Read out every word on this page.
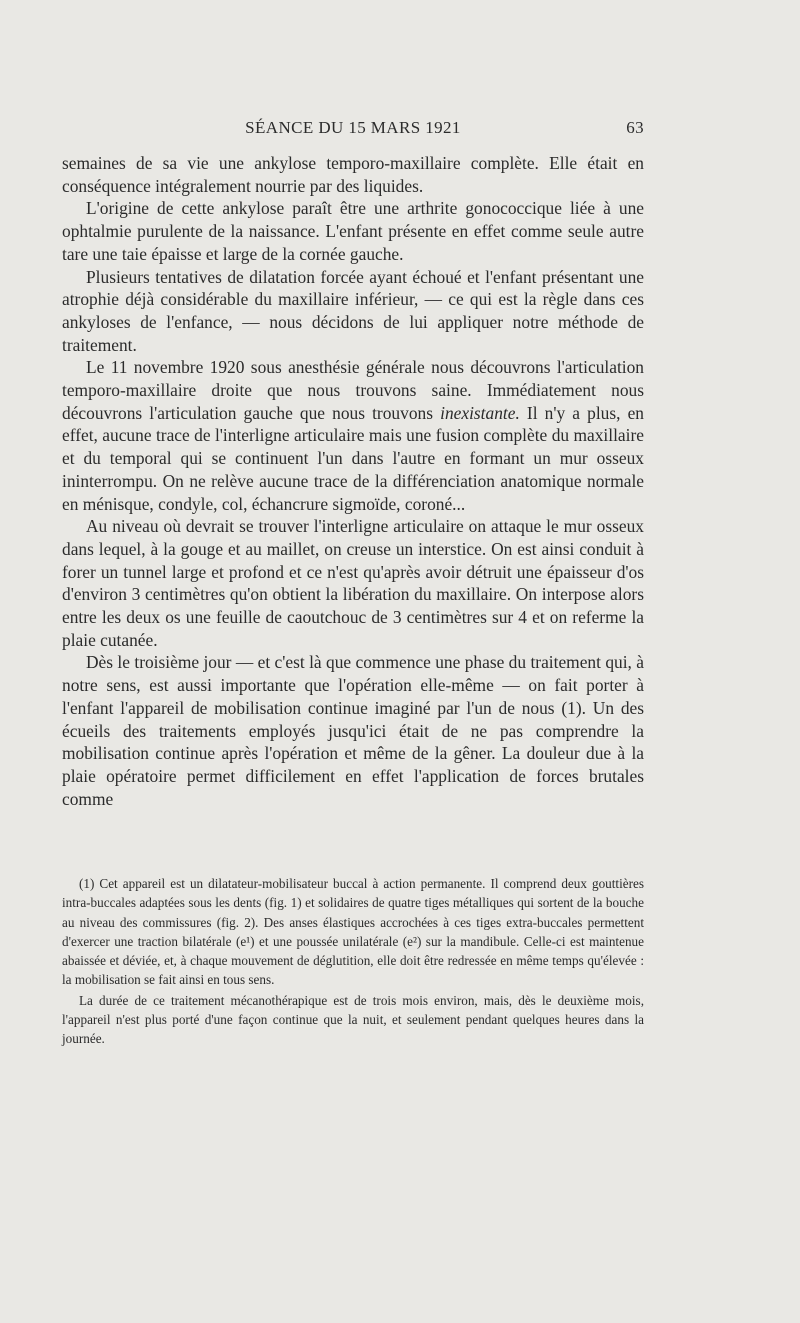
SÉANCE DU 15 MARS 1921	63

semaines de sa vie une ankylose temporo-maxillaire complète. Elle était en conséquence intégralement nourrie par des liquides.

L'origine de cette ankylose paraît être une arthrite gonococcique liée à une ophtalmie purulente de la naissance. L'enfant présente en effet comme seule autre tare une taie épaisse et large de la cornée gauche.

Plusieurs tentatives de dilatation forcée ayant échoué et l'enfant présentant une atrophie déjà considérable du maxillaire inférieur, — ce qui est la règle dans ces ankyloses de l'enfance, — nous décidons de lui appliquer notre méthode de traitement.

Le 11 novembre 1920 sous anesthésie générale nous découvrons l'articulation temporo-maxillaire droite que nous trouvons saine. Immédiatement nous découvrons l'articulation gauche que nous trouvons inexistante. Il n'y a plus, en effet, aucune trace de l'interligne articulaire mais une fusion complète du maxillaire et du temporal qui se continuent l'un dans l'autre en formant un mur osseux ininterrompu. On ne relève aucune trace de la différenciation anatomique normale en ménisque, condyle, col, échancrure sigmoïde, coroné...

Au niveau où devrait se trouver l'interligne articulaire on attaque le mur osseux dans lequel, à la gouge et au maillet, on creuse un interstice. On est ainsi conduit à forer un tunnel large et profond et ce n'est qu'après avoir détruit une épaisseur d'os d'environ 3 centimètres qu'on obtient la libération du maxillaire. On interpose alors entre les deux os une feuille de caoutchouc de 3 centimètres sur 4 et on referme la plaie cutanée.

Dès le troisième jour — et c'est là que commence une phase du traitement qui, à notre sens, est aussi importante que l'opération elle-même — on fait porter à l'enfant l'appareil de mobilisation continue imaginé par l'un de nous (1). Un des écueils des traitements employés jusqu'ici était de ne pas comprendre la mobilisation continue après l'opération et même de la gêner. La douleur due à la plaie opératoire permet difficilement en effet l'application de forces brutales comme

(1) Cet appareil est un dilatateur-mobilisateur buccal à action permanente. Il comprend deux gouttières intra-buccales adaptées sous les dents (fig. 1) et solidaires de quatre tiges métalliques qui sortent de la bouche au niveau des commissures (fig. 2). Des anses élastiques accrochées à ces tiges extra-buccales permettent d'exercer une traction bilatérale (e¹) et une poussée unilatérale (e²) sur la mandibule. Celle-ci est maintenue abaissée et déviée, et, à chaque mouvement de déglutition, elle doit être redressée en même temps qu'élevée : la mobilisation se fait ainsi en tous sens.

La durée de ce traitement mécanothérapique est de trois mois environ, mais, dès le deuxième mois, l'appareil n'est plus porté d'une façon continue que la nuit, et seulement pendant quelques heures dans la journée.
